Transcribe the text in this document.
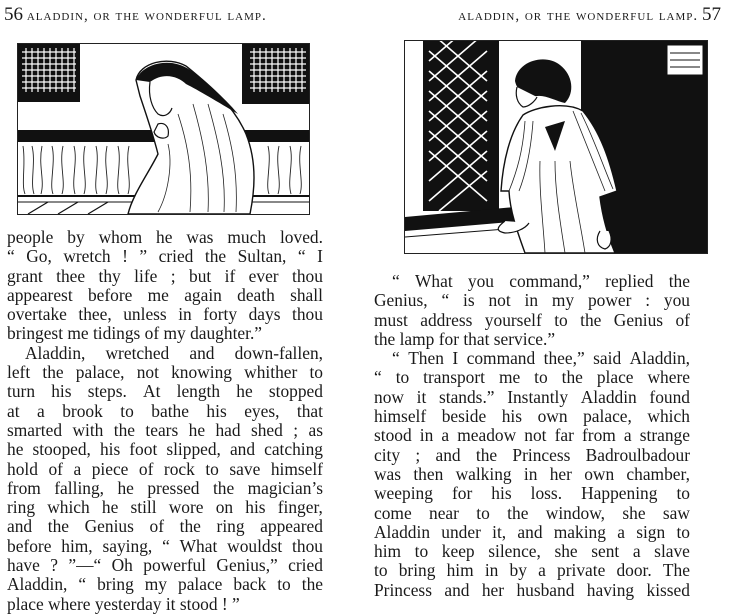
56 aladdin, or the wonderful lamp.
people by whom he was much loved.
“ Go, wretch ! ” cried the Sultan, “ I
grant thee thy life ; but if ever thou
appearest before me again death shall
overtake thee, unless in forty days thou
bringest me tidings of my daughter.”
Aladdin, wretched and down-fallen,
left the palace, not knowing whither to
turn his steps. At length he stopped
at a brook to bathe his eyes, that
smarted with the tears he had shed ; as
he stooped, his foot slipped, and catching
hold of a piece of rock to save himself
from falling, he pressed the magician’s
ring which he still wore on his finger,
and the Genius of the ring appeared
before him, saying, “ What wouldst thou
have ? ”—“ Oh powerful Genius,” cried
Aladdin, “ bring my palace back to the
place where yesterday it stood ! ”
aladdin, or the wonderful lamp. 57
“ What you command,” replied the
Genius, “ is not in my power : you
must address yourself to the Genius of
the lamp for that service.”
“ Then I command thee,” said Aladdin,
“ to transport me to the place where
now it stands.” Instantly Aladdin found
himself beside his own palace, which
stood in a meadow not far from a strange
city ; and the Princess Badroulbadour
was then walking in her own chamber,
weeping for his loss. Happening to
come near to the window, she saw
Aladdin under it, and making a sign to
him to keep silence, she sent a slave
to bring him in by a private door. The
Princess and her husband having kissed
